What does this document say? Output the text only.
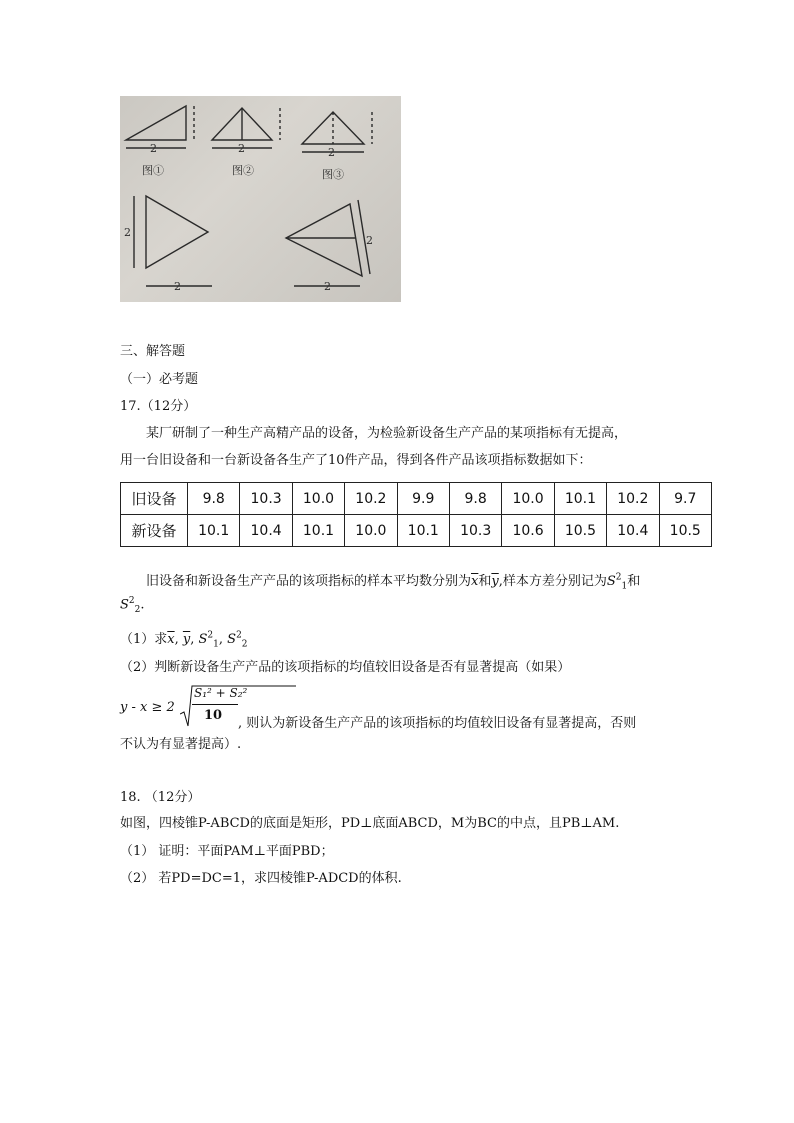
2	2	2
图①	图②	图③
2
2
2
2
三、解答题
（一）必考题
17.（12分）
某厂研制了一种生产高精产品的设备，为检验新设备生产产品的某项指标有无提高，
用一台旧设备和一台新设备各生产了10件产品，得到各件产品该项指标数据如下：
旧设备	9.8	10.3	10.0	10.2	9.9	9.8	10.0	10.1	10.2	9.7
新设备	10.1	10.4	10.1	10.0	10.1	10.3	10.6	10.5	10.4	10.5
旧设备和新设备生产产品的该项指标的样本平均数分别为$\overline{x}$和$\overline{y}$,样本方差分别记为$S^2_1$和
$S^2_2$.
（1）求$\overline{x}$, $\overline{y}$, $S^2_1$, $S^2_2$
（2）判断新设备生产产品的该项指标的均值较旧设备是否有显著提高（如果）
y - x ≥ 2
S₁² + S₂²
10
, 则认为新设备生产产品的该项指标的均值较旧设备有显著提高，否则
不认为有显著提高）.
18. （12分）
如图，四棱锥P-ABCD的底面是矩形，PD⊥底面ABCD，M为BC的中点，且PB⊥AM.
（1） 证明：平面PAM⊥平面PBD；
（2） 若PD=DC=1，求四棱锥P-ADCD的体积.
